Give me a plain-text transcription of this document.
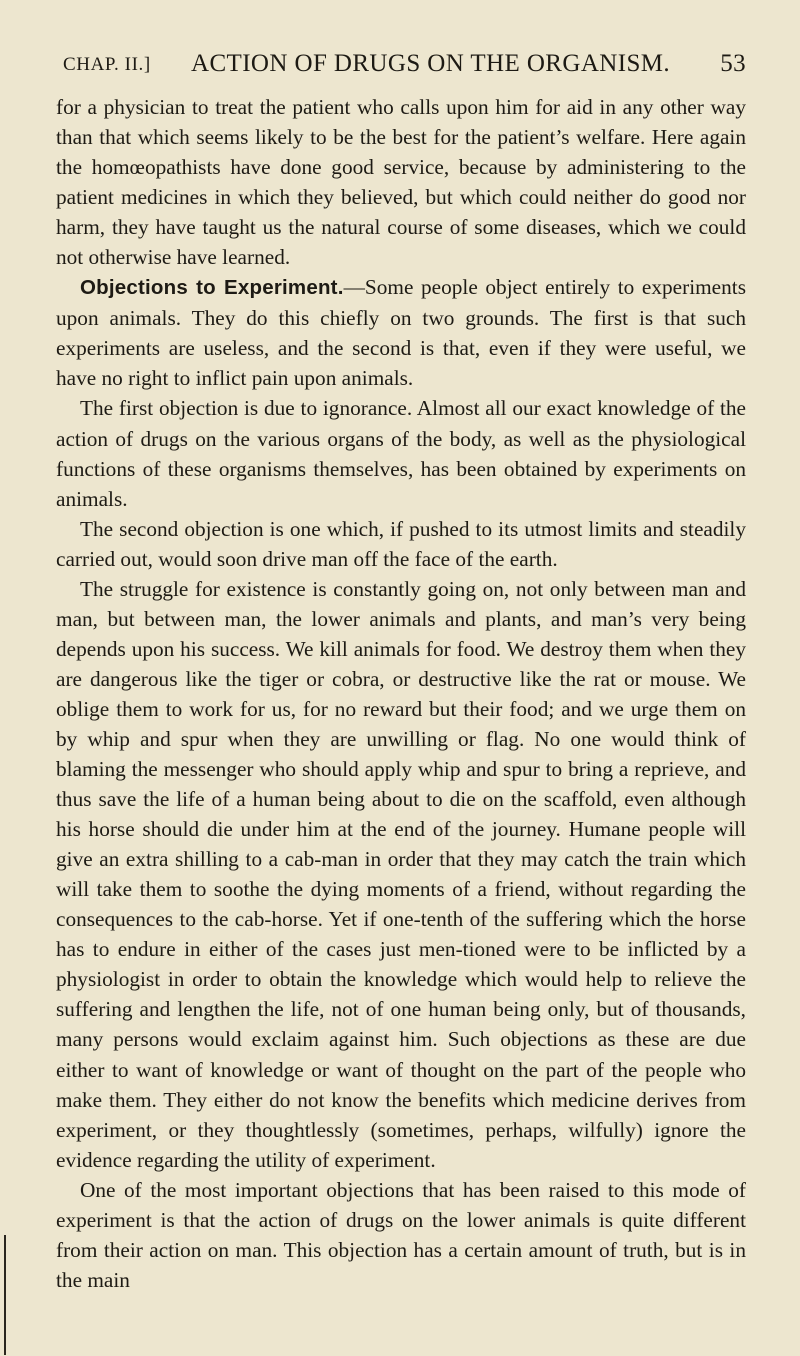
CHAP. II.] ACTION OF DRUGS ON THE ORGANISM. 53

for a physician to treat the patient who calls upon him for aid in any other way than that which seems likely to be the best for the patient’s welfare. Here again the homœopathists have done good service, because by administering to the patient medicines in which they believed, but which could neither do good nor harm, they have taught us the natural course of some diseases, which we could not otherwise have learned.

Objections to Experiment.—Some people object entirely to experiments upon animals. They do this chiefly on two grounds. The first is that such experiments are useless, and the second is that, even if they were useful, we have no right to inflict pain upon animals.

The first objection is due to ignorance. Almost all our exact knowledge of the action of drugs on the various organs of the body, as well as the physiological functions of these organisms themselves, has been obtained by experiments on animals.

The second objection is one which, if pushed to its utmost limits and steadily carried out, would soon drive man off the face of the earth.

The struggle for existence is constantly going on, not only between man and man, but between man, the lower animals and plants, and man’s very being depends upon his success. We kill animals for food. We destroy them when they are dangerous like the tiger or cobra, or destructive like the rat or mouse. We oblige them to work for us, for no reward but their food; and we urge them on by whip and spur when they are unwilling or flag. No one would think of blaming the messenger who should apply whip and spur to bring a reprieve, and thus save the life of a human being about to die on the scaffold, even although his horse should die under him at the end of the journey. Humane people will give an extra shilling to a cab-man in order that they may catch the train which will take them to soothe the dying moments of a friend, without regarding the consequences to the cab-horse. Yet if one-tenth of the suffering which the horse has to endure in either of the cases just men-tioned were to be inflicted by a physiologist in order to obtain the knowledge which would help to relieve the suffering and lengthen the life, not of one human being only, but of thousands, many persons would exclaim against him. Such objections as these are due either to want of knowledge or want of thought on the part of the people who make them. They either do not know the benefits which medicine derives from experiment, or they thoughtlessly (sometimes, perhaps, wilfully) ignore the evidence regarding the utility of experiment.

One of the most important objections that has been raised to this mode of experiment is that the action of drugs on the lower animals is quite different from their action on man. This objection has a certain amount of truth, but is in the main
